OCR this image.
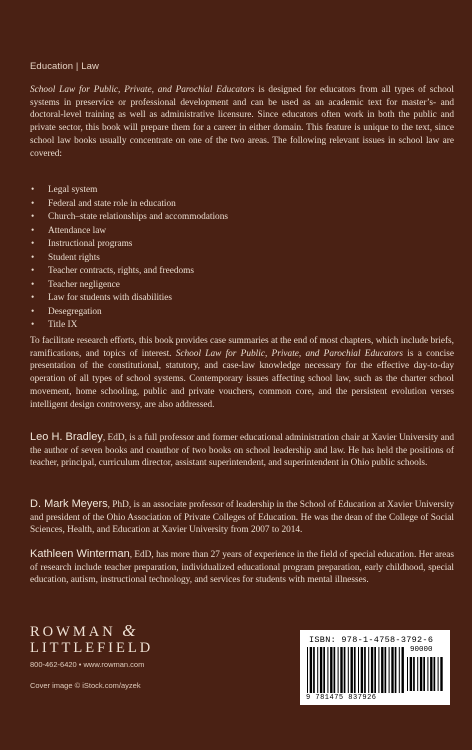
Education | Law

School Law for Public, Private, and Parochial Educators is designed for educators from all types of school systems in preservice or professional development and can be used as an academic text for master’s- and doctoral-level training as well as administrative licensure. Since educators often work in both the public and private sector, this book will prepare them for a career in either domain. This feature is unique to the text, since school law books usually concentrate on one of the two areas. The following relevant issues in school law are covered:

• Legal system
• Federal and state role in education
• Church–state relationships and accommodations
• Attendance law
• Instructional programs
• Student rights
• Teacher contracts, rights, and freedoms
• Teacher negligence
• Law for students with disabilities
• Desegregation
• Title IX

To facilitate research efforts, this book provides case summaries at the end of most chapters, which include briefs, ramifications, and topics of interest. School Law for Public, Private, and Parochial Educators is a concise presentation of the constitutional, statutory, and case-law knowledge necessary for the effective day-to-day operation of all types of school systems. Contemporary issues affecting school law, such as the charter school movement, home schooling, public and private vouchers, common core, and the persistent evolution verses intelligent design controversy, are also addressed.

Leo H. Bradley, EdD, is a full professor and former educational administration chair at Xavier University and the author of seven books and coauthor of two books on school leadership and law. He has held the positions of teacher, principal, curriculum director, assistant superintendent, and superintendent in Ohio public schools.

D. Mark Meyers, PhD, is an associate professor of leadership in the School of Education at Xavier University and president of the Ohio Association of Private Colleges of Education. He was the dean of the College of Social Sciences, Health, and Education at Xavier University from 2007 to 2014.

Kathleen Winterman, EdD, has more than 27 years of experience in the field of special education. Her areas of research include teacher preparation, individualized educational program preparation, early childhood, special education, autism, instructional technology, and services for students with mental illnesses.

ROWMAN &
LITTLEFIELD
800-462-6420 • www.rowman.com
Cover image © iStock.com/ayzek
ISBN: 978-1-4758-3792-6
90000
9 781475 837926
